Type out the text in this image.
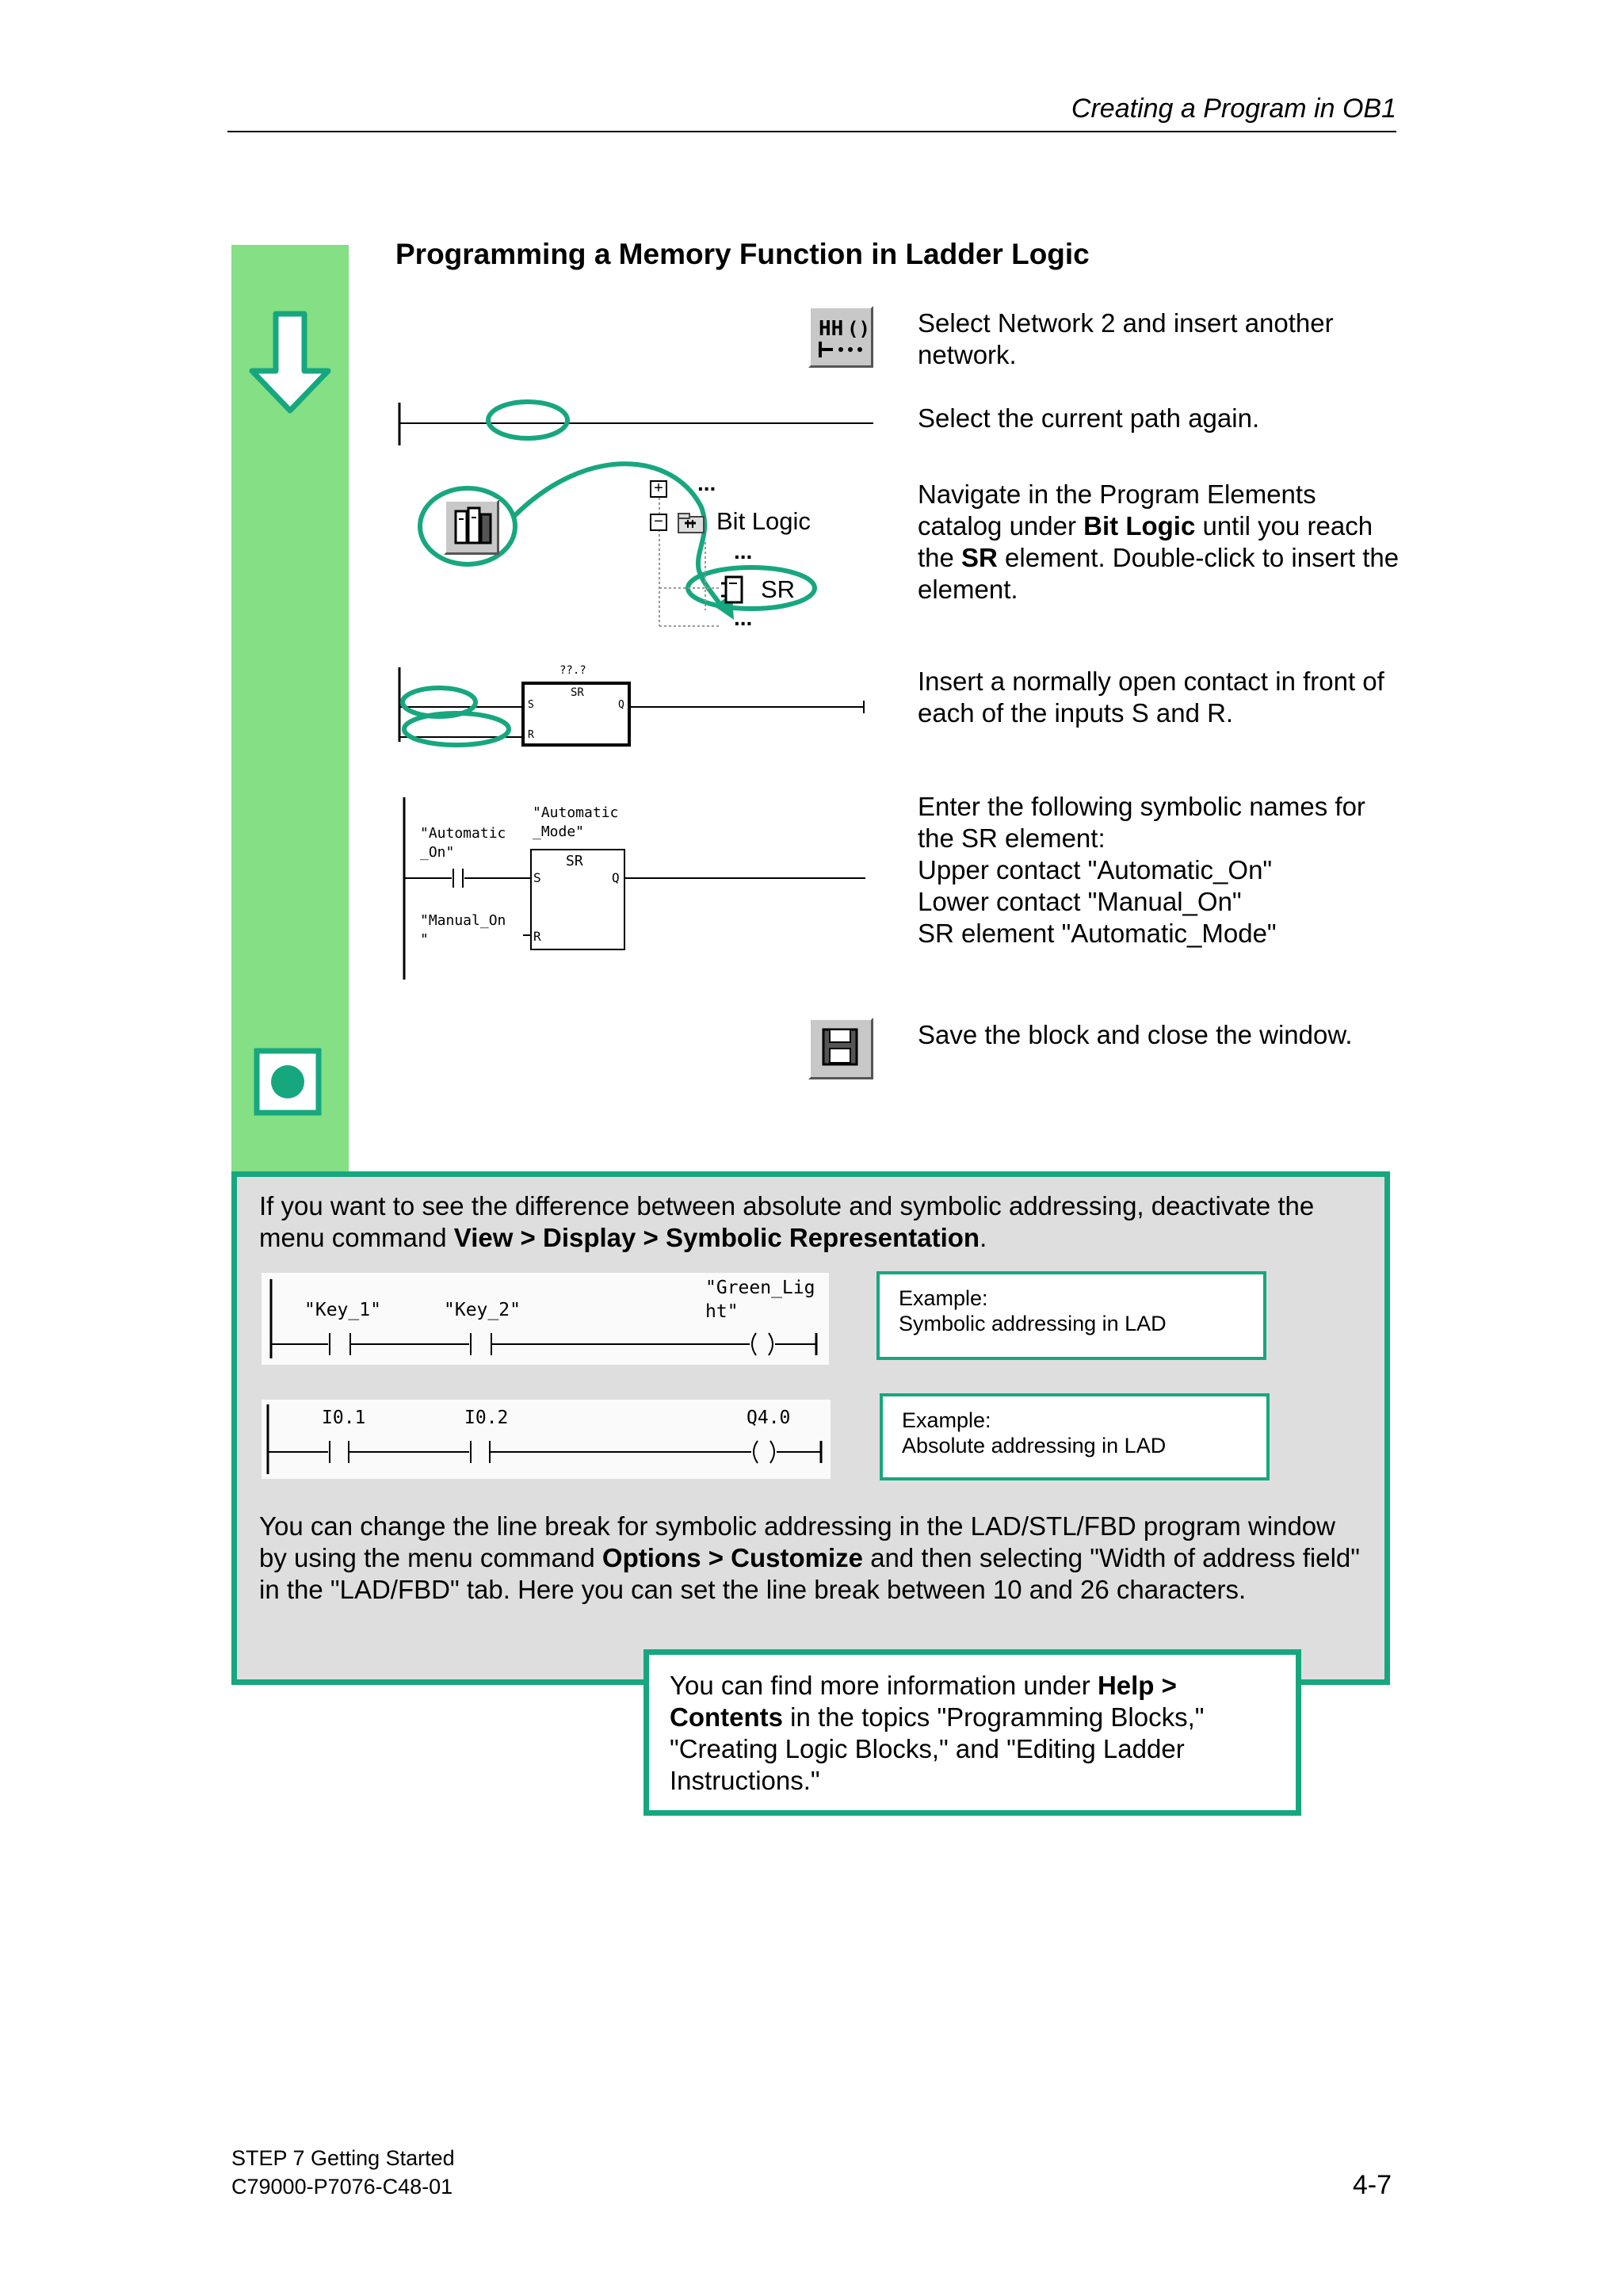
Creating a Program in OB1
Programming a Memory Function in Ladder Logic
HH () Select Network 2 and insert another network.
Select the current path again.
+ ...
− Bit Logic
...
SR
...
Navigate in the Program Elements catalog under Bit Logic until you reach the SR element. Double-click to insert the element.
??.?
SR
S	Q
R
Insert a normally open contact in front of each of the inputs S and R.
"Automatic
_Mode"
"Automatic
_On"
"Manual_On
"
SR
S	Q
R
Enter the following symbolic names for the SR element:
Upper contact "Automatic_On"
Lower contact "Manual_On"
SR element "Automatic_Mode"
Save the block and close the window.
If you want to see the difference between absolute and symbolic addressing, deactivate the menu command View > Display > Symbolic Representation.
"Key_1"	"Key_2"
"Green_Lig
ht"
Example:
Symbolic addressing in LAD
I0.1	I0.2	Q4.0	Example:
Absolute addressing in LAD
You can change the line break for symbolic addressing in the LAD/STL/FBD program window by using the menu command Options > Customize and then selecting "Width of address field" in the "LAD/FBD" tab. Here you can set the line break between 10 and 26 characters.
You can find more information under Help > Contents in the topics "Programming Blocks," "Creating Logic Blocks," and "Editing Ladder Instructions."
STEP 7 Getting Started
C79000-P7076-C48-01	4-7
